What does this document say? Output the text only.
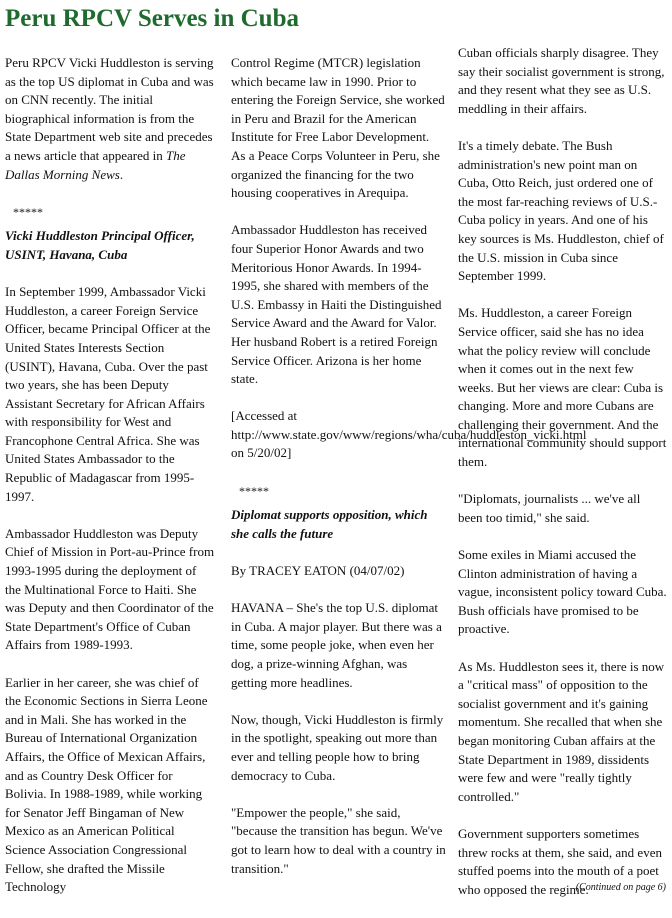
Peru RPCV Serves in Cuba

Peru RPCV Vicki Huddleston is serving as the top US diplomat in Cuba and was on CNN recently. The initial biographical information is from the State Department web site and precedes a news article that appeared in The Dallas Morning News.

*****

Vicki Huddleston Principal Officer, USINT, Havana, Cuba

In September 1999, Ambassador Vicki Huddleston, a career Foreign Service Officer, became Principal Officer at the United States Interests Section (USINT), Havana, Cuba. Over the past two years, she has been Deputy Assistant Secretary for African Affairs with responsibility for West and Francophone Central Africa. She was United States Ambassador to the Republic of Madagascar from 1995-1997.

Ambassador Huddleston was Deputy Chief of Mission in Port-au-Prince from 1993-1995 during the deployment of the Multinational Force to Haiti. She was Deputy and then Coordinator of the State Department's Office of Cuban Affairs from 1989-1993.

Earlier in her career, she was chief of the Economic Sections in Sierra Leone and in Mali. She has worked in the Bureau of International Organization Affairs, the Office of Mexican Affairs, and as Country Desk Officer for Bolivia. In 1988-1989, while working for Senator Jeff Bingaman of New Mexico as an American Political Science Association Congressional Fellow, she drafted the Missile Technology

Control Regime (MTCR) legislation which became law in 1990. Prior to entering the Foreign Service, she worked in Peru and Brazil for the American Institute for Free Labor Development. As a Peace Corps Volunteer in Peru, she organized the financing for the two housing cooperatives in Arequipa.

Ambassador Huddleston has received four Superior Honor Awards and two Meritorious Honor Awards. In 1994-1995, she shared with members of the U.S. Embassy in Haiti the Distinguished Service Award and the Award for Valor. Her husband Robert is a retired Foreign Service Officer. Arizona is her home state.

[Accessed at http://www.state.gov/www/regions/wha/cuba/huddleston_vicki.html on 5/20/02]

*****

Diplomat supports opposition, which she calls the future

By TRACEY EATON (04/07/02)

HAVANA – She's the top U.S. diplomat in Cuba. A major player. But there was a time, some people joke, when even her dog, a prize-winning Afghan, was getting more headlines.

Now, though, Vicki Huddleston is firmly in the spotlight, speaking out more than ever and telling people how to bring democracy to Cuba.

"Empower the people," she said, "because the transition has begun. We've got to learn how to deal with a country in transition."

Cuban officials sharply disagree. They say their socialist government is strong, and they resent what they see as U.S. meddling in their affairs.

It's a timely debate. The Bush administration's new point man on Cuba, Otto Reich, just ordered one of the most far-reaching reviews of U.S.-Cuba policy in years. And one of his key sources is Ms. Huddleston, chief of the U.S. mission in Cuba since September 1999.

Ms. Huddleston, a career Foreign Service officer, said she has no idea what the policy review will conclude when it comes out in the next few weeks. But her views are clear: Cuba is changing. More and more Cubans are challenging their government. And the international community should support them.

"Diplomats, journalists ... we've all been too timid," she said.

Some exiles in Miami accused the Clinton administration of having a vague, inconsistent policy toward Cuba. Bush officials have promised to be proactive.

As Ms. Huddleston sees it, there is now a "critical mass" of opposition to the socialist government and it's gaining momentum. She recalled that when she began monitoring Cuban affairs at the State Department in 1989, dissidents were few and were "really tightly controlled."

Government supporters sometimes threw rocks at them, she said, and even stuffed poems into the mouth of a poet who opposed the regime.

(Continued on page 6)
